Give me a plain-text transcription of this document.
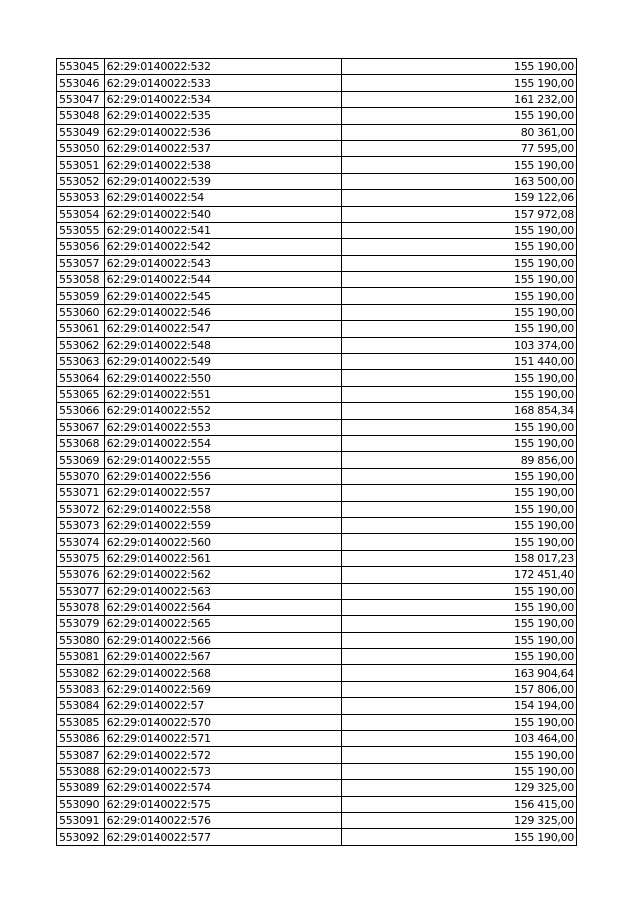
553045	62:29:0140022:532	155 190,00
553046	62:29:0140022:533	155 190,00
553047	62:29:0140022:534	161 232,00
553048	62:29:0140022:535	155 190,00
553049	62:29:0140022:536	80 361,00
553050	62:29:0140022:537	77 595,00
553051	62:29:0140022:538	155 190,00
553052	62:29:0140022:539	163 500,00
553053	62:29:0140022:54	159 122,06
553054	62:29:0140022:540	157 972,08
553055	62:29:0140022:541	155 190,00
553056	62:29:0140022:542	155 190,00
553057	62:29:0140022:543	155 190,00
553058	62:29:0140022:544	155 190,00
553059	62:29:0140022:545	155 190,00
553060	62:29:0140022:546	155 190,00
553061	62:29:0140022:547	155 190,00
553062	62:29:0140022:548	103 374,00
553063	62:29:0140022:549	151 440,00
553064	62:29:0140022:550	155 190,00
553065	62:29:0140022:551	155 190,00
553066	62:29:0140022:552	168 854,34
553067	62:29:0140022:553	155 190,00
553068	62:29:0140022:554	155 190,00
553069	62:29:0140022:555	89 856,00
553070	62:29:0140022:556	155 190,00
553071	62:29:0140022:557	155 190,00
553072	62:29:0140022:558	155 190,00
553073	62:29:0140022:559	155 190,00
553074	62:29:0140022:560	155 190,00
553075	62:29:0140022:561	158 017,23
553076	62:29:0140022:562	172 451,40
553077	62:29:0140022:563	155 190,00
553078	62:29:0140022:564	155 190,00
553079	62:29:0140022:565	155 190,00
553080	62:29:0140022:566	155 190,00
553081	62:29:0140022:567	155 190,00
553082	62:29:0140022:568	163 904,64
553083	62:29:0140022:569	157 806,00
553084	62:29:0140022:57	154 194,00
553085	62:29:0140022:570	155 190,00
553086	62:29:0140022:571	103 464,00
553087	62:29:0140022:572	155 190,00
553088	62:29:0140022:573	155 190,00
553089	62:29:0140022:574	129 325,00
553090	62:29:0140022:575	156 415,00
553091	62:29:0140022:576	129 325,00
553092	62:29:0140022:577	155 190,00
